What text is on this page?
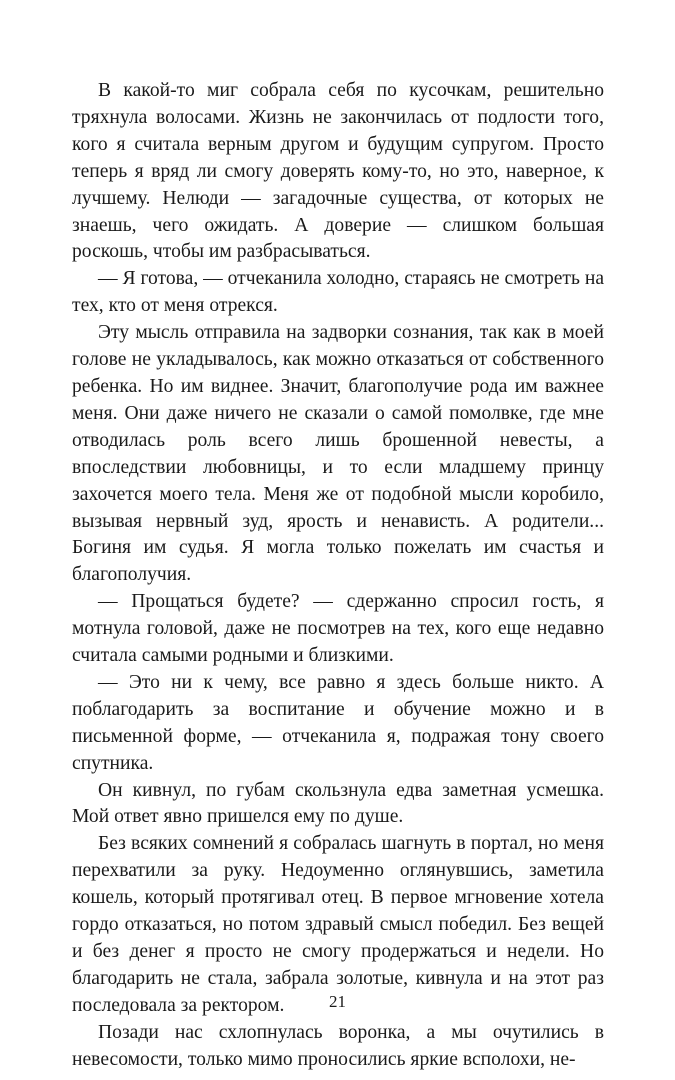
В какой-то миг собрала себя по кусочкам, решительно тряхнула волосами. Жизнь не закончилась от подлости того, кого я считала верным другом и будущим супругом. Просто теперь я вряд ли смогу доверять кому-то, но это, наверное, к лучшему. Нелюди — загадочные существа, от которых не знаешь, чего ожидать. А доверие — слишком большая роскошь, чтобы им разбрасываться.

— Я готова, — отчеканила холодно, стараясь не смотреть на тех, кто от меня отрекся.

Эту мысль отправила на задворки сознания, так как в моей голове не укладывалось, как можно отказаться от собственного ребенка. Но им виднее. Значит, благополучие рода им важнее меня. Они даже ничего не сказали о самой помолвке, где мне отводилась роль всего лишь брошенной невесты, а впоследствии любовницы, и то если младшему принцу захочется моего тела. Меня же от подобной мысли коробило, вызывая нервный зуд, ярость и ненависть. А родители... Богиня им судья. Я могла только пожелать им счастья и благополучия.

— Прощаться будете? — сдержанно спросил гость, я мотнула головой, даже не посмотрев на тех, кого еще недавно считала самыми родными и близкими.

— Это ни к чему, все равно я здесь больше никто. А поблагодарить за воспитание и обучение можно и в письменной форме, — отчеканила я, подражая тону своего спутника.

Он кивнул, по губам скользнула едва заметная усмешка. Мой ответ явно пришелся ему по душе.

Без всяких сомнений я собралась шагнуть в портал, но меня перехватили за руку. Недоуменно оглянувшись, заметила кошель, который протягивал отец. В первое мгновение хотела гордо отказаться, но потом здравый смысл победил. Без вещей и без денег я просто не смогу продержаться и недели. Но благодарить не стала, забрала золотые, кивнула и на этот раз последовала за ректором.

Позади нас схлопнулась воронка, а мы очутились в невесомости, только мимо проносились яркие всполохи, не-

21
